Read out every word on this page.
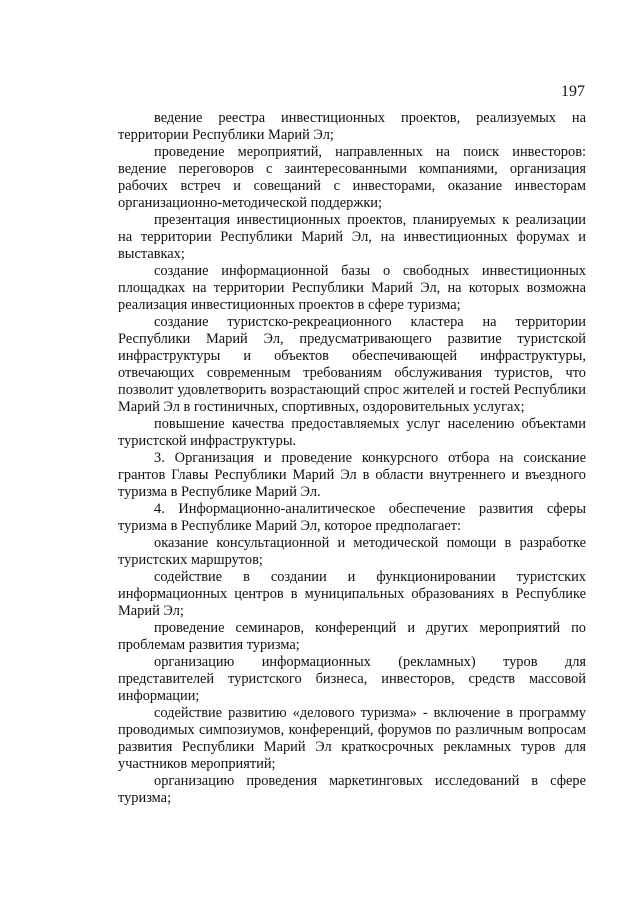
197

ведение реестра инвестиционных проектов, реализуемых на территории Республики Марий Эл;

проведение мероприятий, направленных на поиск инвесторов: ведение переговоров с заинтересованными компаниями, организация рабочих встреч и совещаний с инвесторами, оказание инвесторам организационно-методической поддержки;

презентация инвестиционных проектов, планируемых к реализации на территории Республики Марий Эл, на инвестиционных форумах и выставках;

создание информационной базы о свободных инвестиционных площадках на территории Республики Марий Эл, на которых возможна реализация инвестиционных проектов в сфере туризма;

создание туристско-рекреационного кластера на территории Республики Марий Эл, предусматривающего развитие туристской инфраструктуры и объектов обеспечивающей инфраструктуры, отвечающих современным требованиям обслуживания туристов, что позволит удовлетворить возрастающий спрос жителей и гостей Республики Марий Эл в гостиничных, спортивных, оздоровительных услугах;

повышение качества предоставляемых услуг населению объектами туристской инфраструктуры.

3. Организация и проведение конкурсного отбора на соискание грантов Главы Республики Марий Эл в области внутреннего и въездного туризма в Республике Марий Эл.

4. Информационно-аналитическое обеспечение развития сферы туризма в Республике Марий Эл, которое предполагает:

оказание консультационной и методической помощи в разработке туристских маршрутов;

содействие в создании и функционировании туристских информационных центров в муниципальных образованиях в Республике Марий Эл;

проведение семинаров, конференций и других мероприятий по проблемам развития туризма;

организацию информационных (рекламных) туров для представителей туристского бизнеса, инвесторов, средств массовой информации;

содействие развитию «делового туризма» - включение в программу проводимых симпозиумов, конференций, форумов по различным вопросам развития Республики Марий Эл краткосрочных рекламных туров для участников мероприятий;

организацию проведения маркетинговых исследований в сфере туризма;
